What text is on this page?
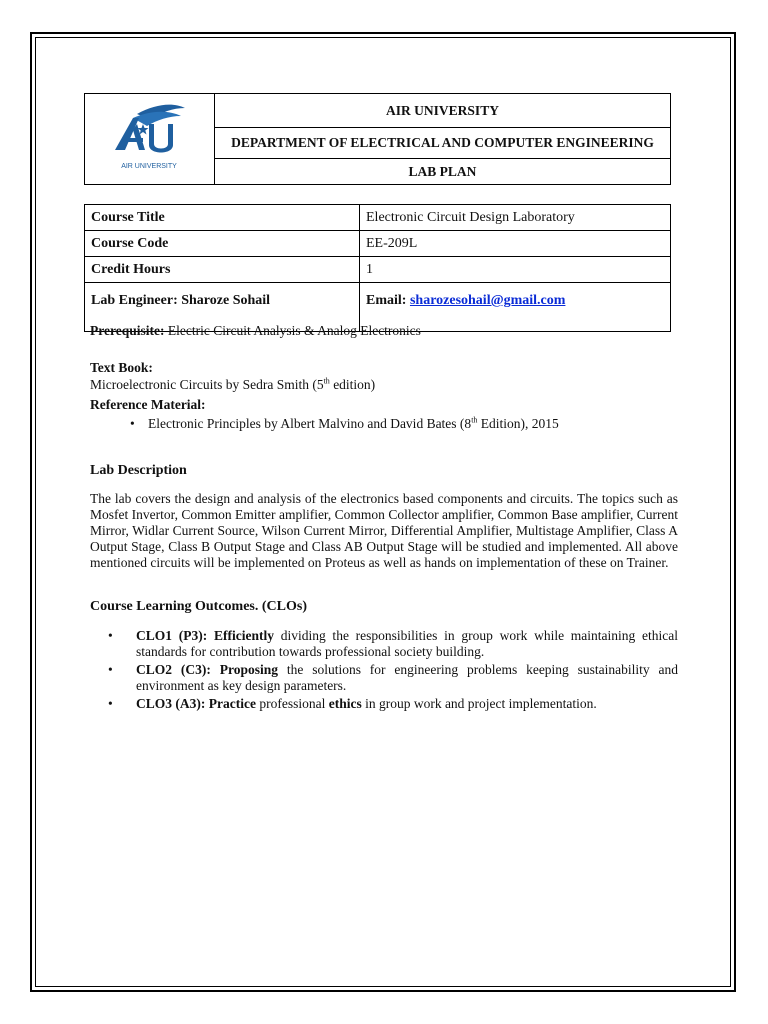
AIR UNIVERSITY
AIR UNIVERSITY
DEPARTMENT OF ELECTRICAL AND COMPUTER ENGINEERING
LAB PLAN
Course Title	Electronic Circuit Design Laboratory
Course Code	EE-209L
Credit Hours	1
Lab Engineer: Sharoze Sohail	Email: sharozesohail@gmail.com
Prerequisite: Electric Circuit Analysis & Analog Electronics
Text Book:
Microelectronic Circuits by Sedra Smith (5th edition)
Reference Material:
• Electronic Principles by Albert Malvino and David Bates (8th Edition), 2015
Lab Description
The lab covers the design and analysis of the electronics based components and circuits. The topics such as Mosfet Invertor, Common Emitter amplifier, Common Collector amplifier, Common Base amplifier, Current Mirror, Widlar Current Source, Wilson Current Mirror, Differential Amplifier, Multistage Amplifier, Class A Output Stage, Class B Output Stage and Class AB Output Stage will be studied and implemented. All above mentioned circuits will be implemented on Proteus as well as hands on implementation of these on Trainer.
Course Learning Outcomes. (CLOs)
• CLO1 (P3): Efficiently dividing the responsibilities in group work while maintaining ethical standards for contribution towards professional society building.
• CLO2 (C3): Proposing the solutions for engineering problems keeping sustainability and environment as key design parameters.
• CLO3 (A3): Practice professional ethics in group work and project implementation.
